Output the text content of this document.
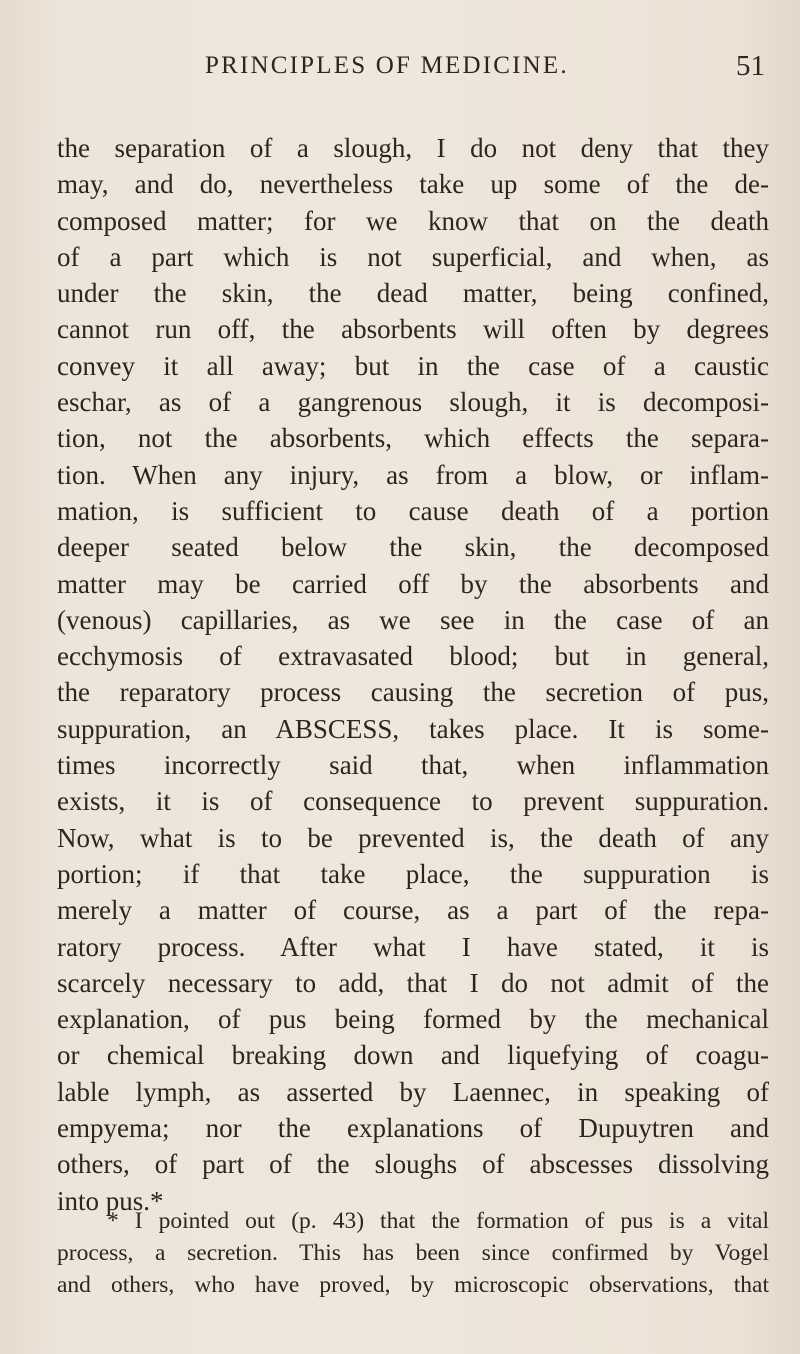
PRINCIPLES OF MEDICINE.	51
the separation of a slough, I do not deny that they
may, and do, nevertheless take up some of the de-
composed matter; for we know that on the death
of a part which is not superficial, and when, as
under the skin, the dead matter, being confined,
cannot run off, the absorbents will often by degrees
convey it all away; but in the case of a caustic
eschar, as of a gangrenous slough, it is decomposi-
tion, not the absorbents, which effects the separa-
tion. When any injury, as from a blow, or inflam-
mation, is sufficient to cause death of a portion
deeper seated below the skin, the decomposed
matter may be carried off by the absorbents and
(venous) capillaries, as we see in the case of an
ecchymosis of extravasated blood; but in general,
the reparatory process causing the secretion of pus,
suppuration, an ABSCESS, takes place. It is some-
times incorrectly said that, when inflammation
exists, it is of consequence to prevent suppuration.
Now, what is to be prevented is, the death of any
portion; if that take place, the suppuration is
merely a matter of course, as a part of the repa-
ratory process. After what I have stated, it is
scarcely necessary to add, that I do not admit of the
explanation, of pus being formed by the mechanical
or chemical breaking down and liquefying of coagu-
lable lymph, as asserted by Laennec, in speaking of
empyema; nor the explanations of Dupuytren and
others, of part of the sloughs of abscesses dissolving
into pus.*
* I pointed out (p. 43) that the formation of pus is a vital
process, a secretion. This has been since confirmed by Vogel
and others, who have proved, by microscopic observations, that
